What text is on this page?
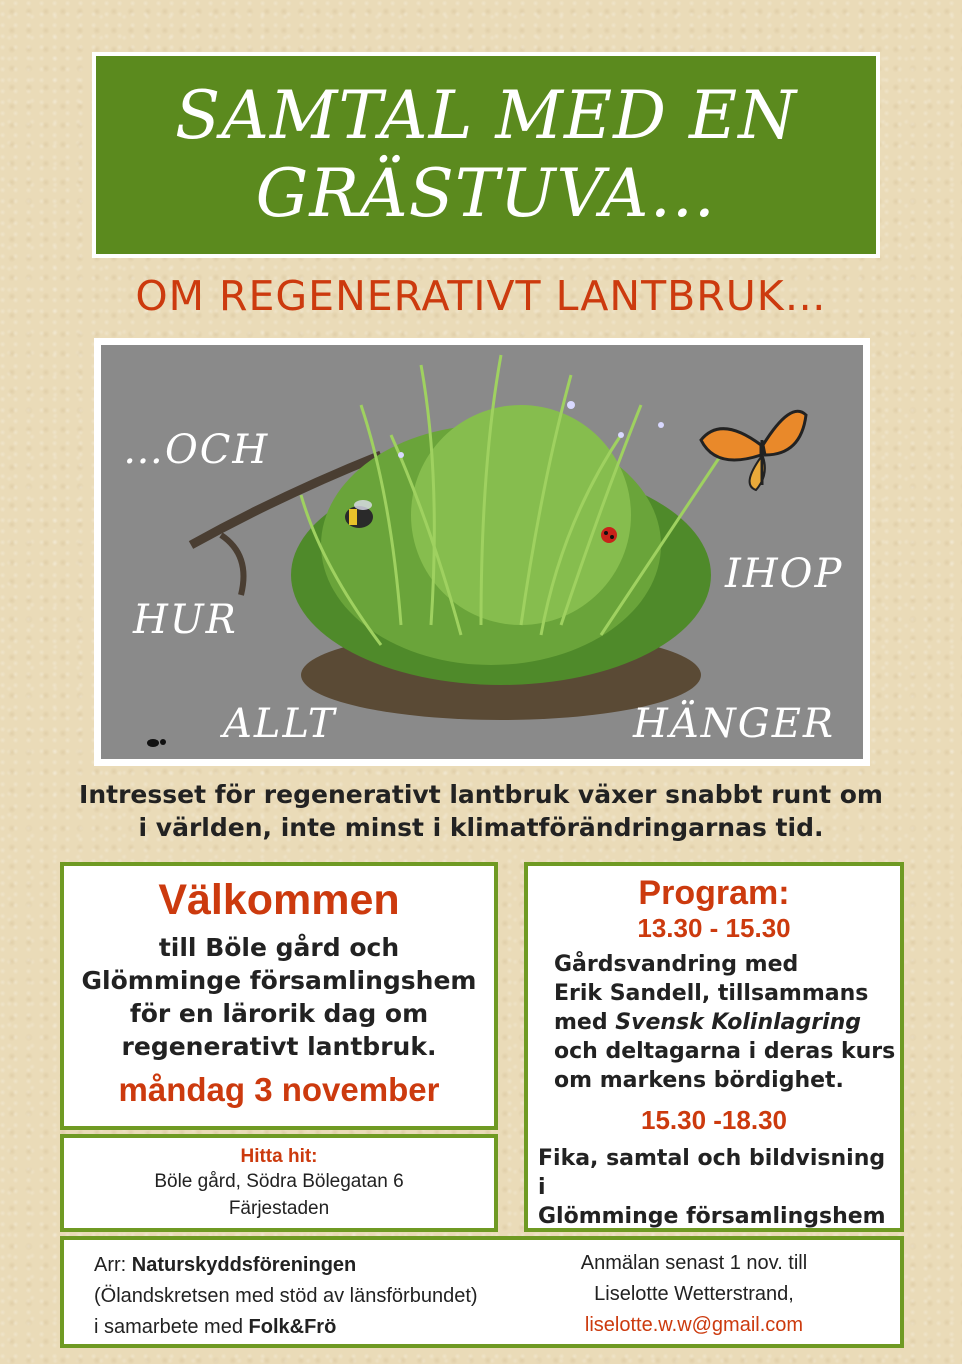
SAMTAL MED EN
GRÄSTUVA…
OM REGENERATIVT LANTBRUK…
…OCH
HUR
ALLT
IHOP
HÄNGER
Intresset för regenerativt lantbruk växer snabbt runt om
i världen, inte minst i klimatförändringarnas tid.
Välkommen
till Böle gård och
Glömminge församlingshem
för en lärorik dag om
regenerativt lantbruk.
måndag 3 november
Hitta hit:
Böle gård, Södra Bölegatan 6
Färjestaden
Program:
13.30 - 15.30
Gårdsvandring med
Erik Sandell, tillsammans
med Svensk Kolinlagring
och deltagarna i deras kurs
om markens bördighet.
15.30 -18.30
Fika, samtal och bildvisning i
Glömminge församlingshem
Arr: Naturskyddsföreningen
(Ölandskretsen med stöd av länsförbundet)
i samarbete med Folk&Frö
Anmälan senast 1 nov. till
Liselotte Wetterstrand,
liselotte.w.w@gmail.com
